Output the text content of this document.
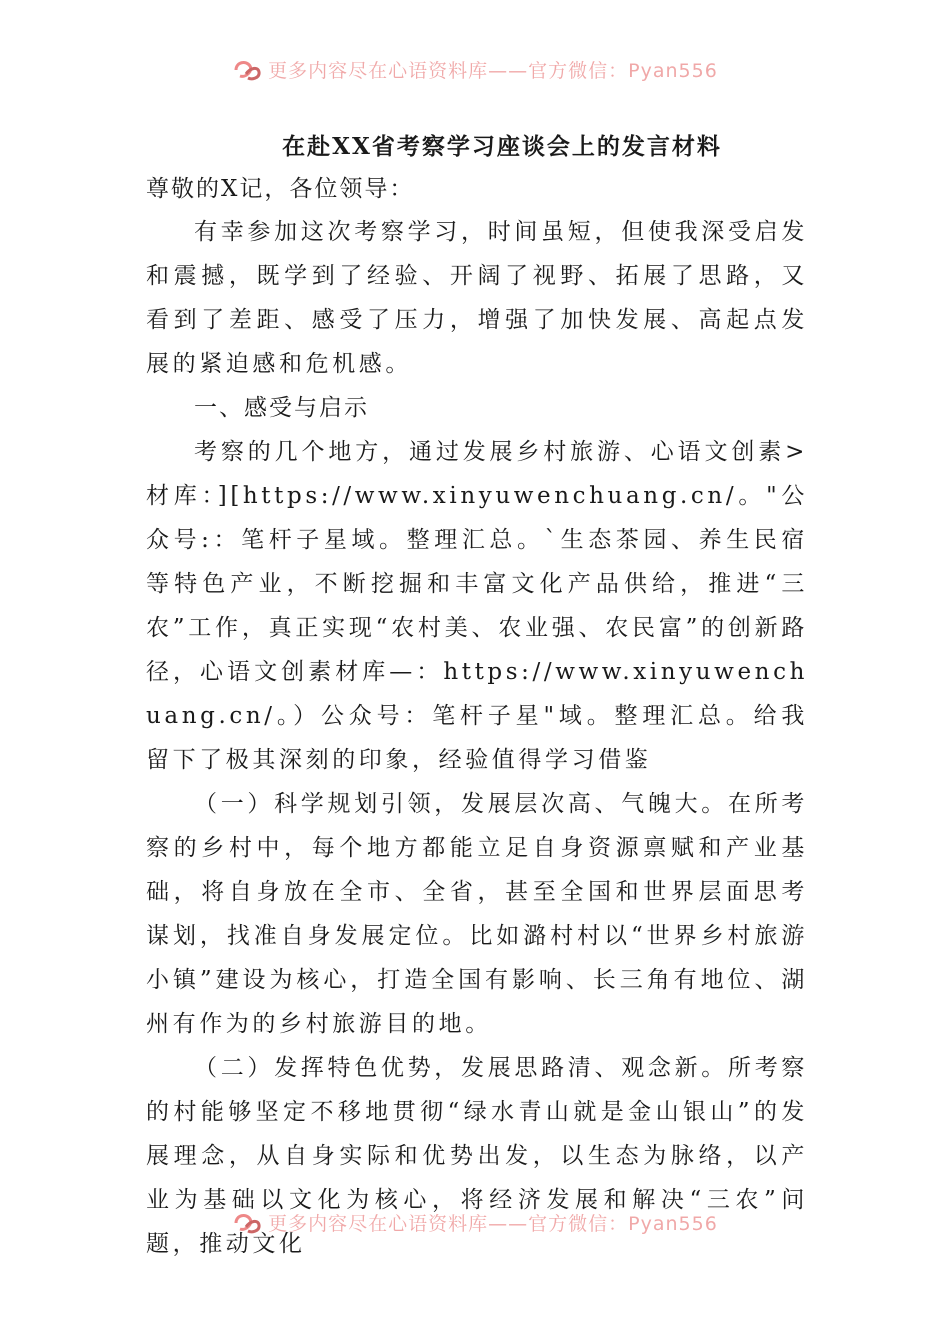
更多内容尽在心语资料库——官方微信：Pyan556
在赴XX省考察学习座谈会上的发言材料
尊敬的X记，各位领导：

有幸参加这次考察学习，时间虽短，但使我深受启发和震撼，既学到了经验、开阔了视野、拓展了思路，又看到了差距、感受了压力，增强了加快发展、高起点发展的紧迫感和危机感。

一、感受与启示

考察的几个地方，通过发展乡村旅游、心语文创素>材库：][https://www.xinyuwenchuang.cn/。"公众号:：笔杆子星域。整理汇总。`生态茶园、养生民宿等特色产业，不断挖掘和丰富文化产品供给，推进“三农”工作，真正实现“农村美、农业强、农民富”的创新路径，心语文创素材库—：https://www.xinyuwenchuang.cn/。）公众号：笔杆子星"域。整理汇总。给我留下了极其深刻的印象，经验值得学习借鉴

（一）科学规划引领，发展层次高、气魄大。在所考察的乡村中，每个地方都能立足自身资源禀赋和产业基础，将自身放在全市、全省，甚至全国和世界层面思考谋划，找准自身发展定位。比如潞村村以“世界乡村旅游小镇”建设为核心，打造全国有影响、长三角有地位、湖州有作为的乡村旅游目的地。

（二）发挥特色优势，发展思路清、观念新。所考察的村能够坚定不移地贯彻“绿水青山就是金山银山”的发展理念，从自身实际和优势出发，以生态为脉络，以产业为基础以文化为核心，将经济发展和解决“三农”问题，推动文化

更多内容尽在心语资料库——官方微信：Pyan556
